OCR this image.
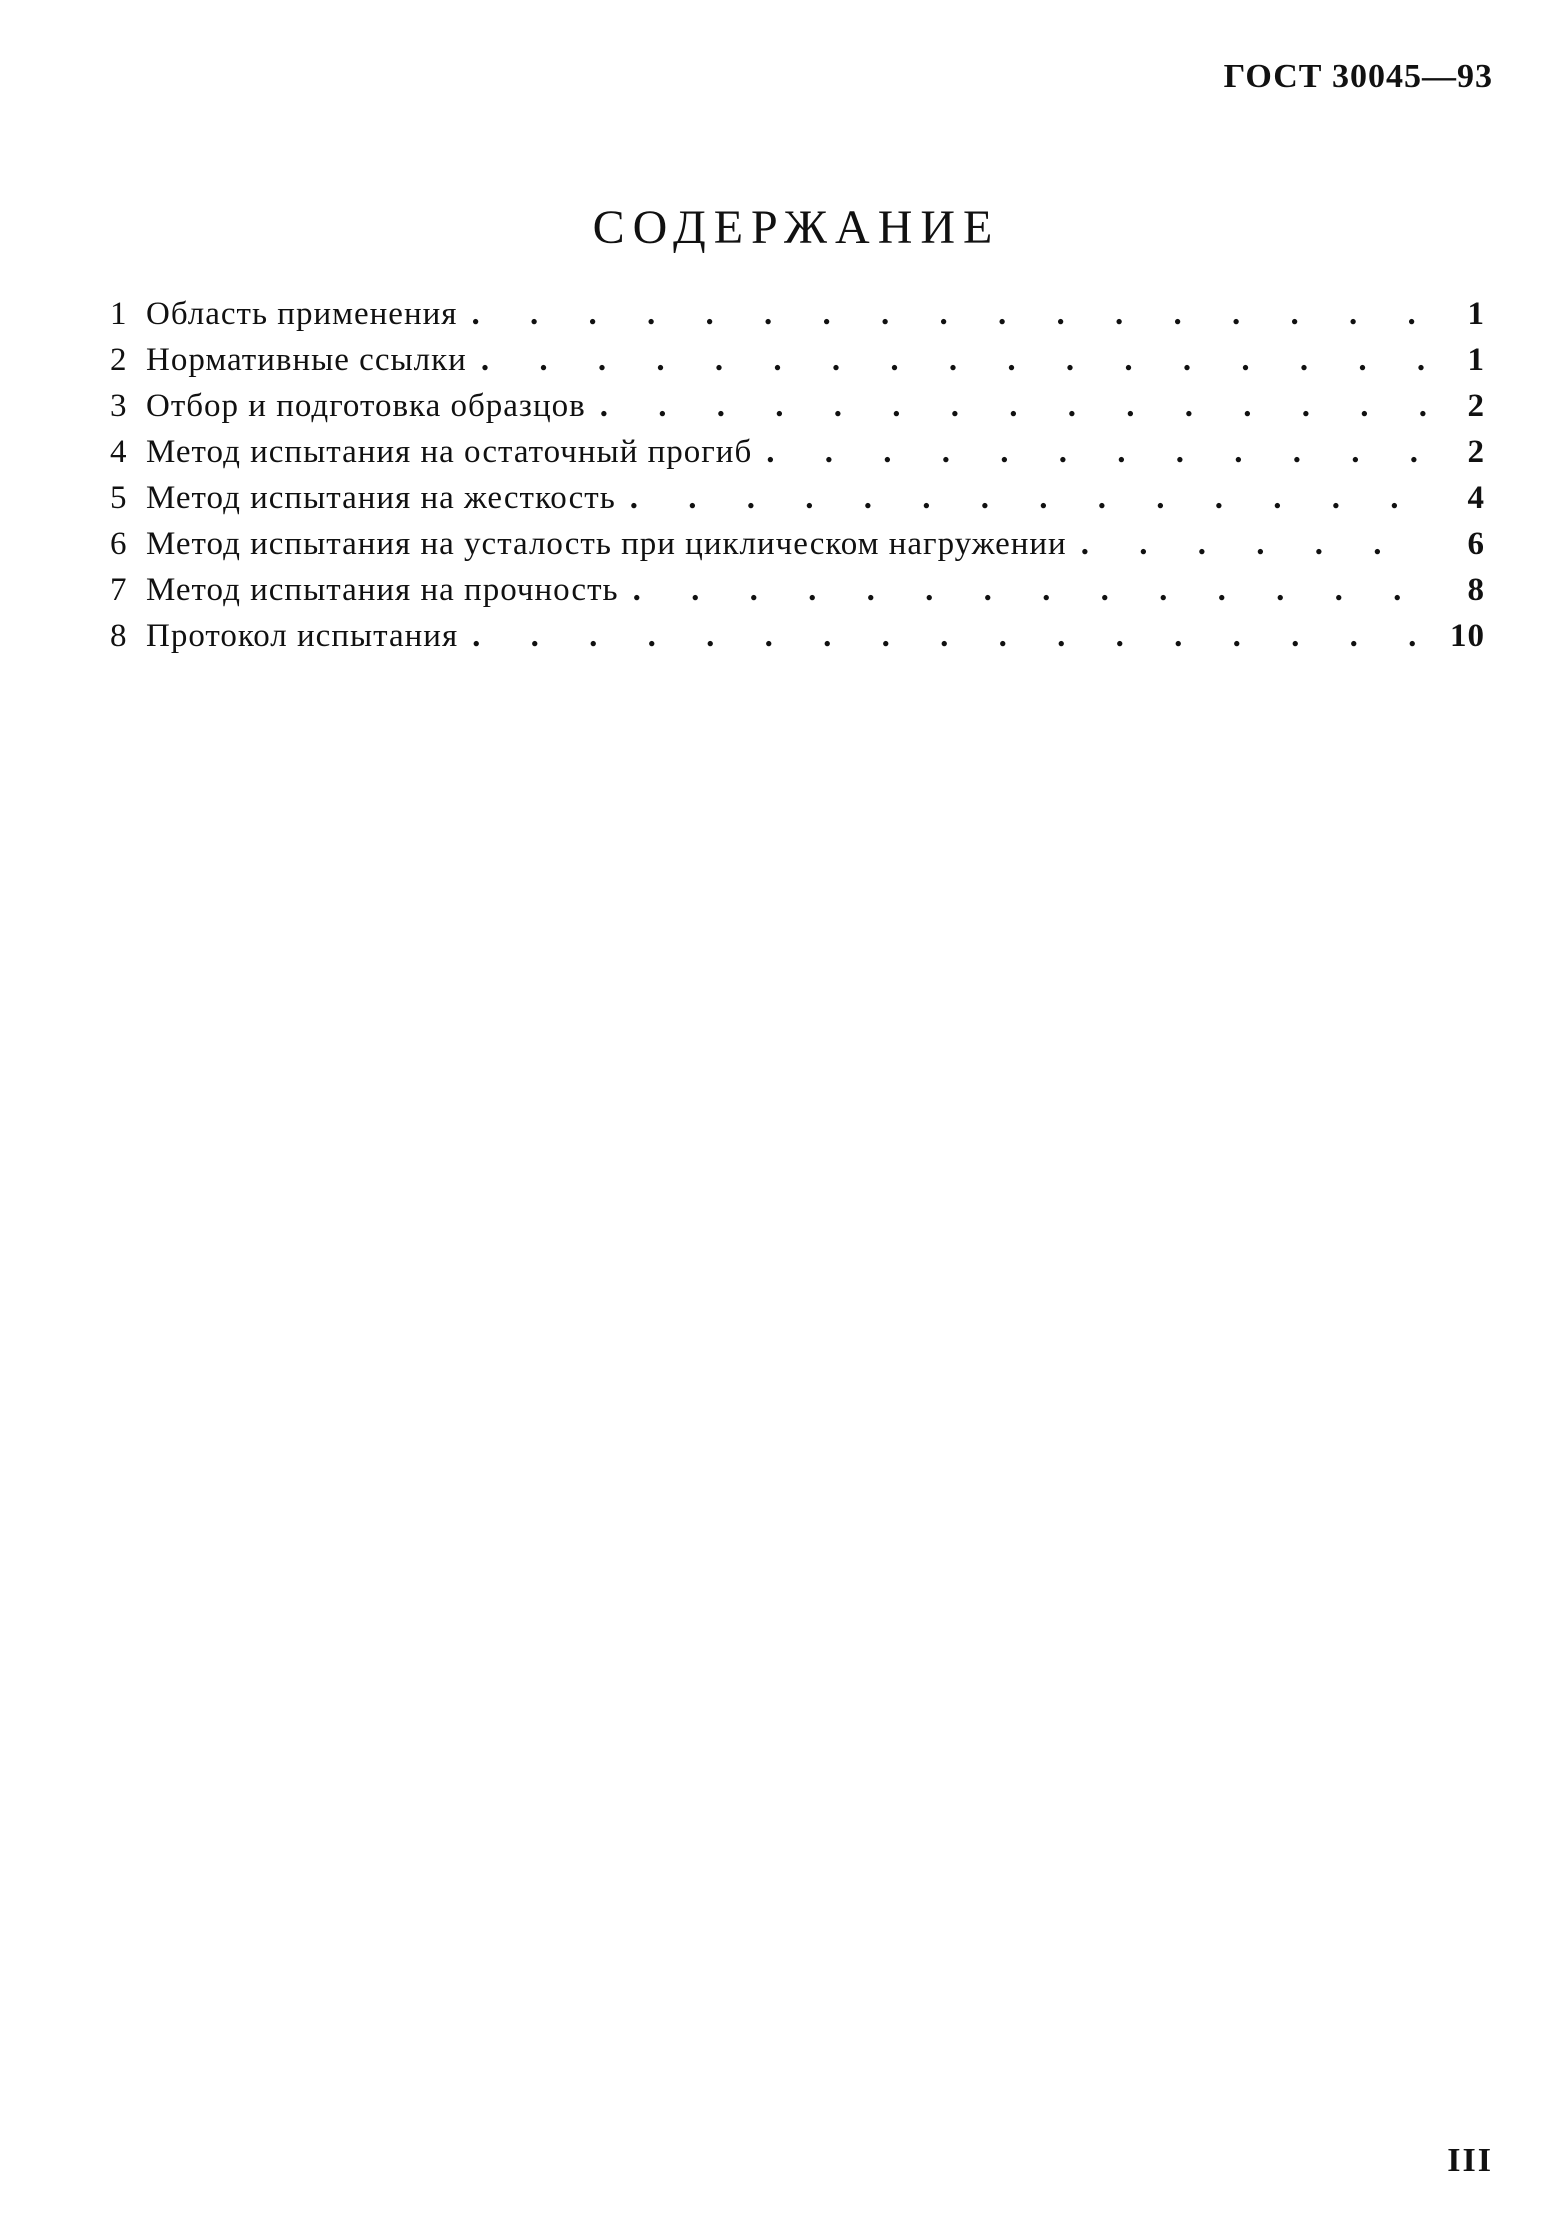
ГОСТ 30045—93
СОДЕРЖАНИЕ
1 Область применения . . .	1
2 Нормативные ссылки . . .	1
3 Отбор и подготовка образцов . . .	2
4 Метод испытания на остаточный прогиб . . .	2
5 Метод испытания на жесткость . . .	4
6 Метод испытания на усталость при циклическом нагружении . . .	6
7 Метод испытания на прочность . . .	8
8 Протокол испытания . . .	10
III
